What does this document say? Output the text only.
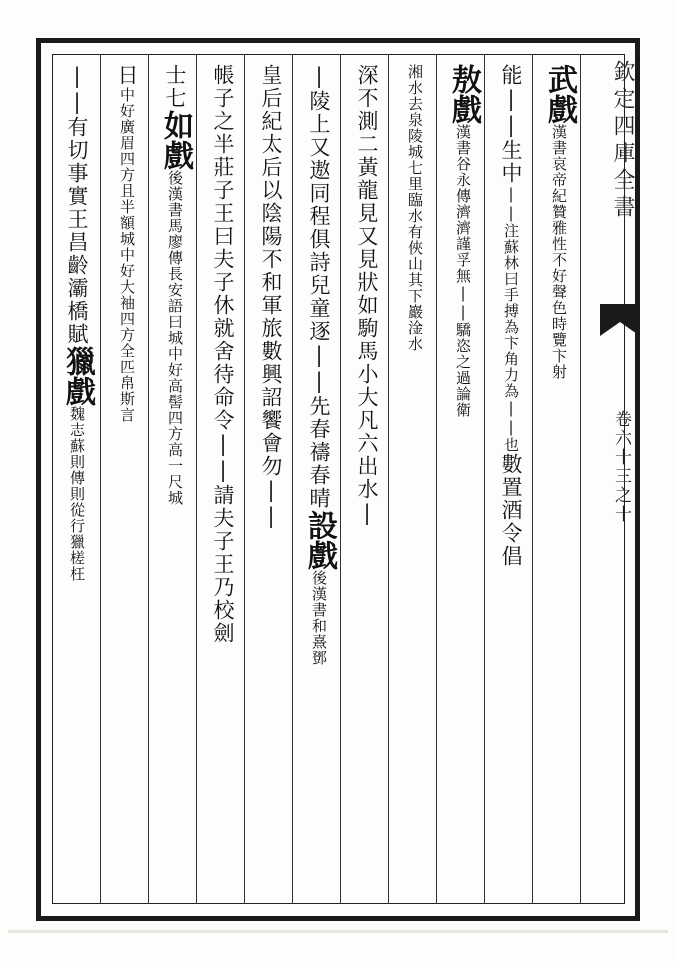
欽定四庫全書
卷六十三之十
武戲漢書哀帝紀贊雅性不好聲色時覽卞射
能||生中||注蘇林曰手搏為卞角力為||也數置酒令倡
敖戲漢書谷永傳濟濟謹孚無||驕恣之過論衛
湘水去泉陵城七里臨水有俠山其下巖淦水
深不測二黃龍見又見狀如駒馬小大凡六出水|
|陵上又遨同程俱詩兒童逐||先春禱春晴設戲後漢書和熹鄧
皇后紀太后以陰陽不和軍旅數興詔饗會勿||
帳子之半莊子王曰夫子休就舍待命令||請夫子王乃校劍
士七如戲後漢書馬廖傳長安語曰城中好高髻四方高一尺城
日中好廣眉四方且半額城中好大袖四方全匹帛斯言
||有切事實王昌齡灞橋賦獵戲魏志蘇則傳則從行獵槎枉
